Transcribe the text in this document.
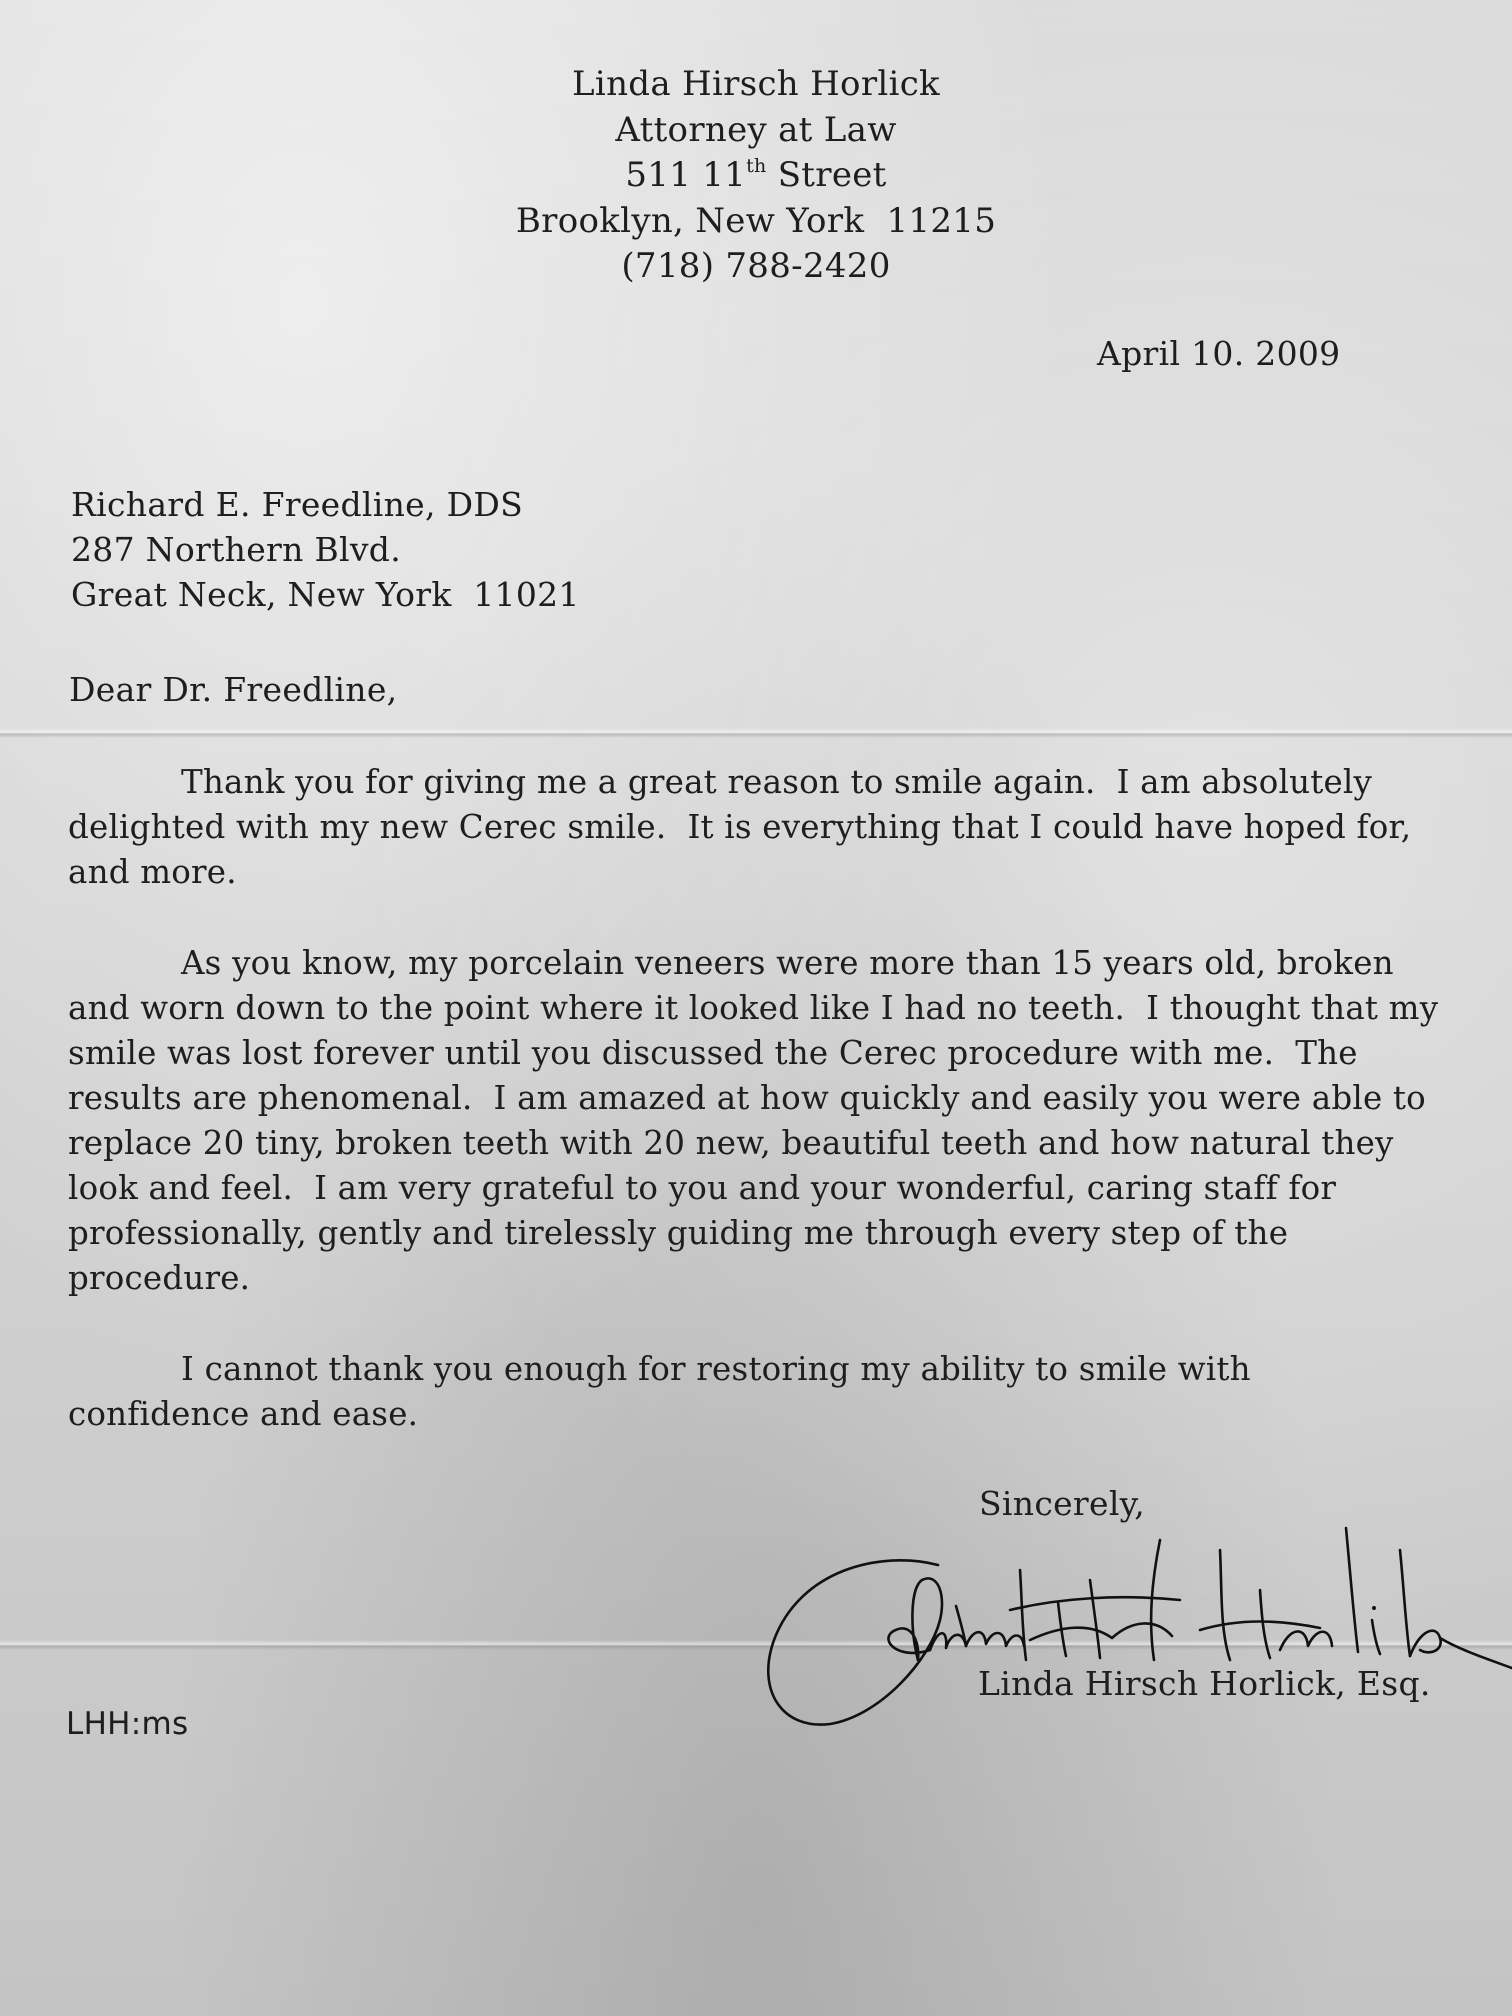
Linda Hirsch Horlick
Attorney at Law
511 11th Street
Brooklyn, New York  11215
(718) 788-2420
April 10. 2009
Richard E. Freedline, DDS
287 Northern Blvd.
Great Neck, New York  11021
Dear Dr. Freedline,
Thank you for giving me a great reason to smile again.  I am absolutely
delighted with my new Cerec smile.  It is everything that I could have hoped for,
and more.
As you know, my porcelain veneers were more than 15 years old, broken
and worn down to the point where it looked like I had no teeth.  I thought that my
smile was lost forever until you discussed the Cerec procedure with me.  The
results are phenomenal.  I am amazed at how quickly and easily you were able to
replace 20 tiny, broken teeth with 20 new, beautiful teeth and how natural they
look and feel.  I am very grateful to you and your wonderful, caring staff for
professionally, gently and tirelessly guiding me through every step of the
procedure.
I cannot thank you enough for restoring my ability to smile with
confidence and ease.
Sincerely,
Linda Hirsch Horlick, Esq.
LHH:ms
